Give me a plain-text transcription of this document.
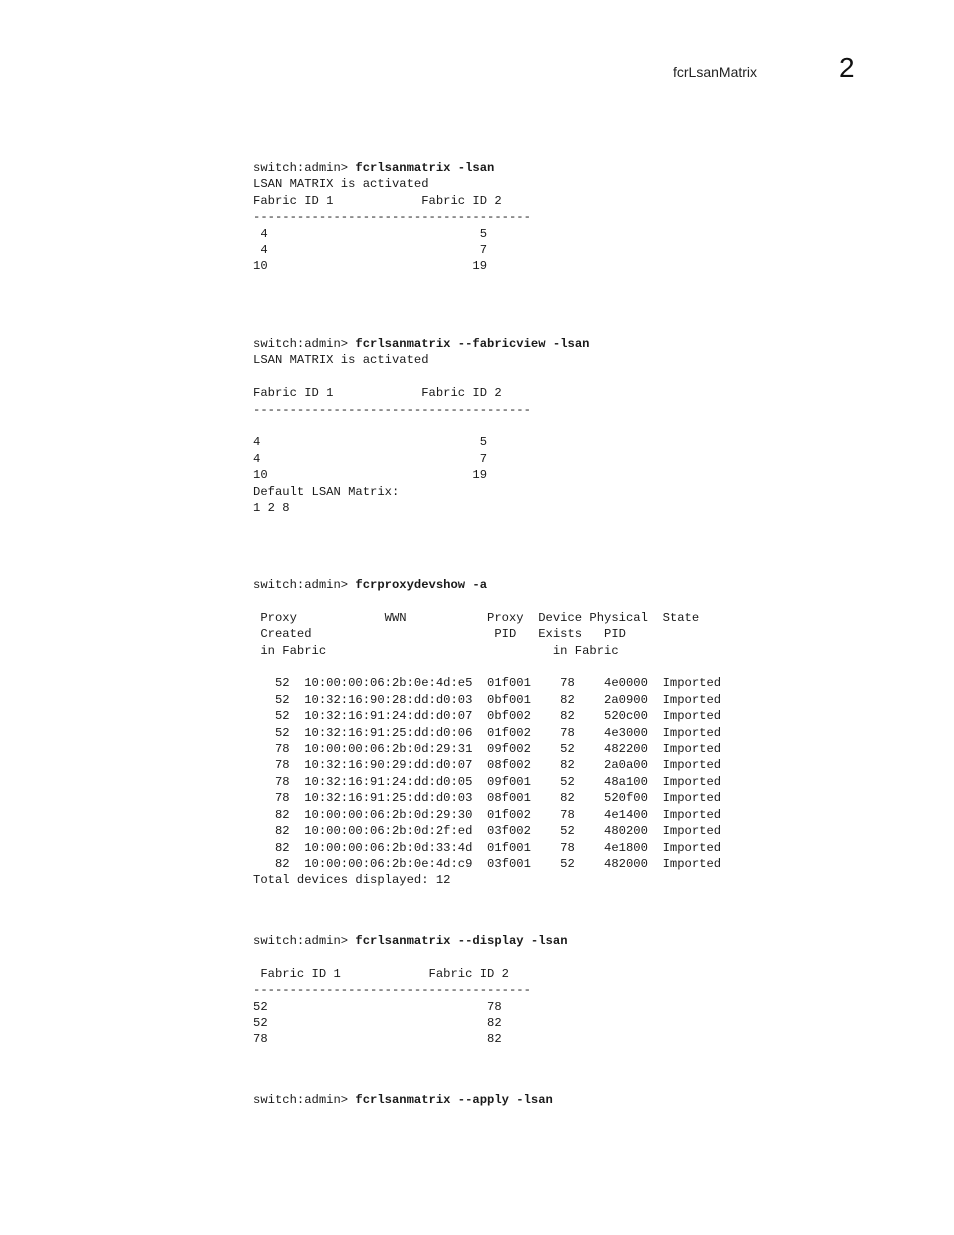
fcrLsanMatrix	2
switch:admin> fcrlsanmatrix -lsan
LSAN MATRIX is activated
Fabric ID 1            Fabric ID 2
--------------------------------------
4                             5
4                             7
10                            19
switch:admin> fcrlsanmatrix --fabricview -lsan
LSAN MATRIX is activated

Fabric ID 1            Fabric ID 2
--------------------------------------

4                              5
4                              7
10                            19
Default LSAN Matrix:
1 2 8
switch:admin> fcrproxydevshow -a

Proxy            WWN           Proxy  Device Physical  State
Created                         PID   Exists   PID
in Fabric                               in Fabric

52  10:00:00:06:2b:0e:4d:e5  01f001    78    4e0000  Imported
52  10:32:16:90:28:dd:d0:03  0bf001    82    2a0900  Imported
52  10:32:16:91:24:dd:d0:07  0bf002    82    520c00  Imported
52  10:32:16:91:25:dd:d0:06  01f002    78    4e3000  Imported
78  10:00:00:06:2b:0d:29:31  09f002    52    482200  Imported
78  10:32:16:90:29:dd:d0:07  08f002    82    2a0a00  Imported
78  10:32:16:91:24:dd:d0:05  09f001    52    48a100  Imported
78  10:32:16:91:25:dd:d0:03  08f001    82    520f00  Imported
82  10:00:00:06:2b:0d:29:30  01f002    78    4e1400  Imported
82  10:00:00:06:2b:0d:2f:ed  03f002    52    480200  Imported
82  10:00:00:06:2b:0d:33:4d  01f001    78    4e1800  Imported
82  10:00:00:06:2b:0e:4d:c9  03f001    52    482000  Imported
Total devices displayed: 12
switch:admin> fcrlsanmatrix --display -lsan

Fabric ID 1            Fabric ID 2
--------------------------------------
52                              78
52                              82
78                              82
switch:admin> fcrlsanmatrix --apply -lsan
